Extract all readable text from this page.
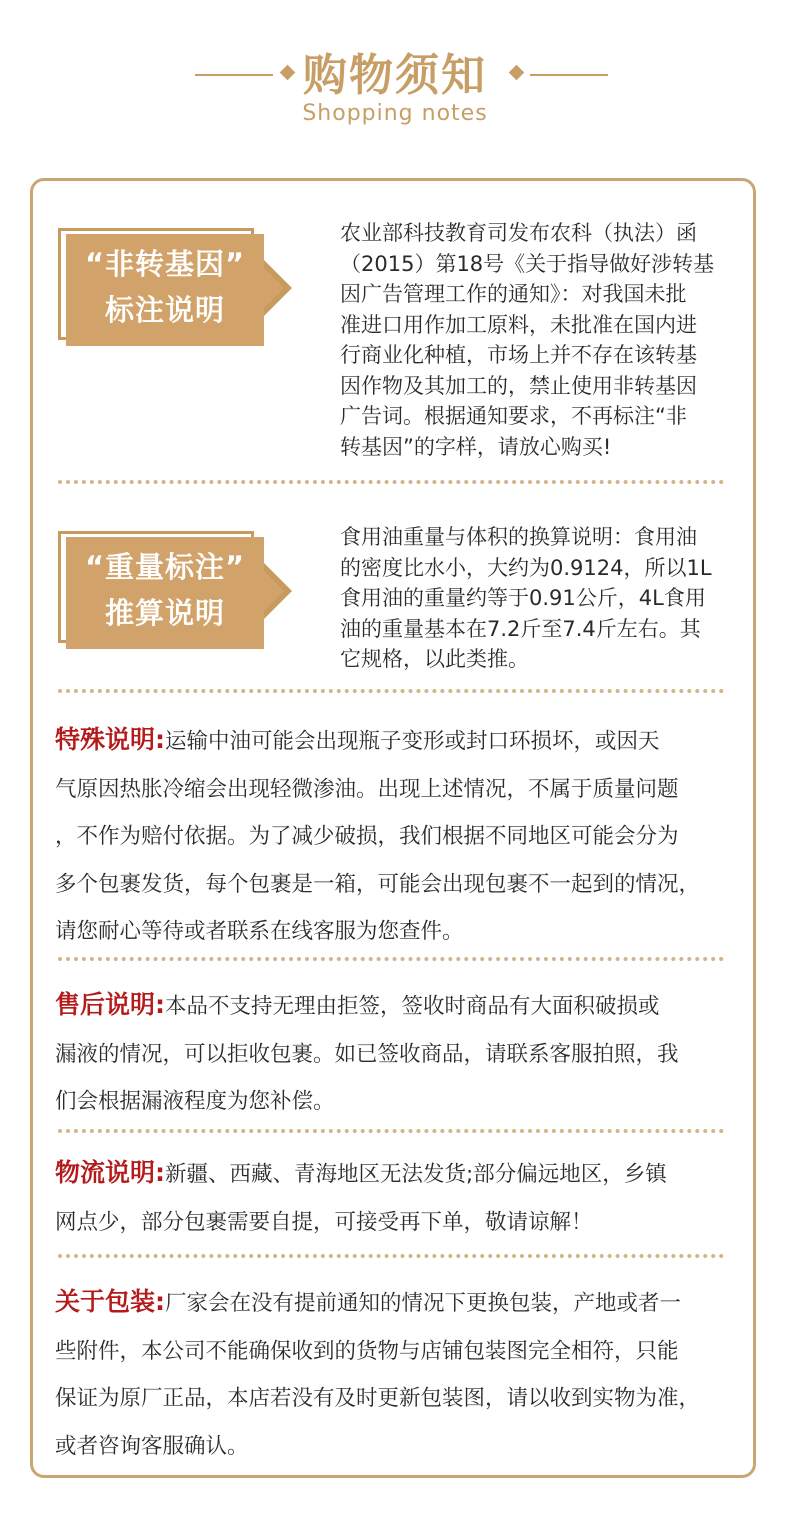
购物须知
Shopping notes
“非转基因”
标注说明
农业部科技教育司发布农科（执法）函
（2015）第18号《关于指导做好涉转基
因广告管理工作的通知》：对我国未批
准进口用作加工原料，未批准在国内进
行商业化种植，市场上并不存在该转基
因作物及其加工的，禁止使用非转基因
广告词。根据通知要求，不再标注“非
转基因”的字样，请放心购买!
“重量标注”
推算说明
食用油重量与体积的换算说明：食用油
的密度比水小，大约为0.9124，所以1L
食用油的重量约等于0.91公斤，4L食用
油的重量基本在7.2斤至7.4斤左右。其
它规格，以此类推。
特殊说明:运输中油可能会出现瓶子变形或封口环损坏，或因天
气原因热胀冷缩会出现轻微渗油。出现上述情况，不属于质量问题
，不作为赔付依据。为了减少破损，我们根据不同地区可能会分为
多个包裹发货，每个包裹是一箱，可能会出现包裹不一起到的情况，
请您耐心等待或者联系在线客服为您查件。
售后说明:本品不支持无理由拒签，签收时商品有大面积破损或
漏液的情况，可以拒收包裹。如已签收商品，请联系客服拍照，我
们会根据漏液程度为您补偿。
物流说明:新疆、西藏、青海地区无法发货;部分偏远地区，乡镇
网点少，部分包裹需要自提，可接受再下单，敬请谅解！
关于包装:厂家会在没有提前通知的情况下更换包装，产地或者一
些附件，本公司不能确保收到的货物与店铺包装图完全相符，只能
保证为原厂正品，本店若没有及时更新包装图，请以收到实物为准，
或者咨询客服确认。
